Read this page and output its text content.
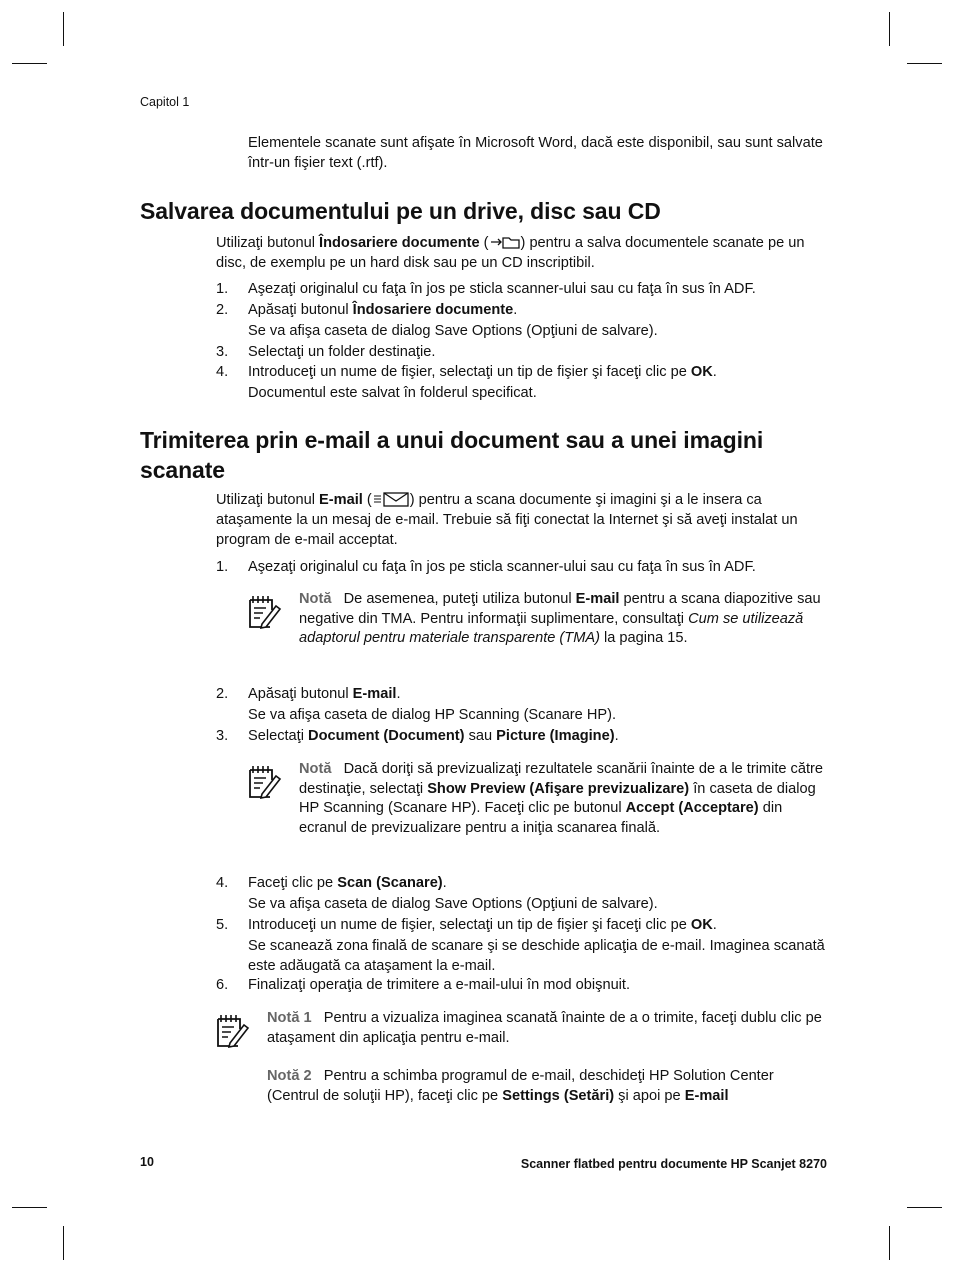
Capitol 1
Elementele scanate sunt afişate în Microsoft Word, dacă este disponibil, sau sunt salvate într-un fişier text (.rtf).
Salvarea documentului pe un drive, disc sau CD
Utilizaţi butonul Îndosariere documente ( ) pentru a salva documentele scanate pe un disc, de exemplu pe un hard disk sau pe un CD inscriptibil.
1.	Aşezaţi originalul cu faţa în jos pe sticla scanner-ului sau cu faţa în sus în ADF.
2.	Apăsaţi butonul Îndosariere documente.
Se va afişa caseta de dialog Save Options (Opţiuni de salvare).
3.	Selectaţi un folder destinaţie.
4.	Introduceţi un nume de fişier, selectaţi un tip de fişier şi faceţi clic pe OK.
Documentul este salvat în folderul specificat.
Trimiterea prin e-mail a unui document sau a unei imagini scanate
Utilizaţi butonul E-mail (	) pentru a scana documente şi imagini şi a le insera ca ataşamente la un mesaj de e-mail. Trebuie să fiţi conectat la Internet şi să aveţi instalat un program de e-mail acceptat.
1.	Aşezaţi originalul cu faţa în jos pe sticla scanner-ului sau cu faţa în sus în ADF.
Notă De asemenea, puteţi utiliza butonul E-mail pentru a scana diapozitive sau negative din TMA. Pentru informaţii suplimentare, consultaţi Cum se utilizează adaptorul pentru materiale transparente (TMA) la pagina 15.
2.	Apăsaţi butonul E-mail.
Se va afişa caseta de dialog HP Scanning (Scanare HP).
3.	Selectaţi Document (Document) sau Picture (Imagine).
Notă Dacă doriţi să previzualizaţi rezultatele scanării înainte de a le trimite către destinaţie, selectaţi Show Preview (Afişare previzualizare) în caseta de dialog HP Scanning (Scanare HP). Faceţi clic pe butonul Accept (Acceptare) din ecranul de previzualizare pentru a iniţia scanarea finală.
4.	Faceţi clic pe Scan (Scanare).
Se va afişa caseta de dialog Save Options (Opţiuni de salvare).
5.	Introduceţi un nume de fişier, selectaţi un tip de fişier şi faceţi clic pe OK.
Se scanează zona finală de scanare şi se deschide aplicaţia de e-mail. Imaginea scanată este adăugată ca ataşament la e-mail.
6.	Finalizaţi operaţia de trimitere a e-mail-ului în mod obişnuit.
Notă 1 Pentru a vizualiza imaginea scanată înainte de a o trimite, faceţi dublu clic pe ataşament din aplicaţia pentru e-mail.
Notă 2 Pentru a schimba programul de e-mail, deschideţi HP Solution Center (Centrul de soluţii HP), faceţi clic pe Settings (Setări) şi apoi pe E-mail
10	Scanner flatbed pentru documente HP Scanjet 8270
